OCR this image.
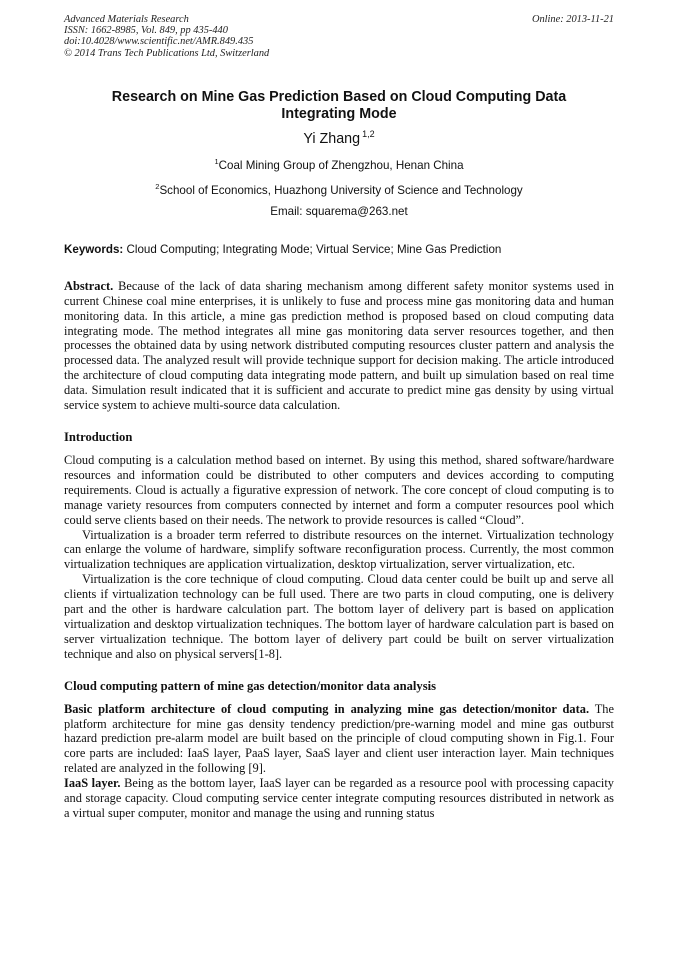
Advanced Materials Research
ISSN: 1662-8985, Vol. 849, pp 435-440
doi:10.4028/www.scientific.net/AMR.849.435
© 2014 Trans Tech Publications Ltd, Switzerland
Online: 2013-11-21
Research on Mine Gas Prediction Based on Cloud Computing Data Integrating Mode
Yi Zhang $^{1,2}$
$^1$Coal Mining Group of Zhengzhou, Henan China
$^2$School of Economics, Huazhong University of Science and Technology
Email: squarema@263.net
Keywords: Cloud Computing; Integrating Mode; Virtual Service; Mine Gas Prediction

Abstract. Because of the lack of data sharing mechanism among different safety monitor systems used in current Chinese coal mine enterprises, it is unlikely to fuse and process mine gas monitoring data and human monitoring data. In this article, a mine gas prediction method is proposed based on cloud computing data integrating mode. The method integrates all mine gas monitoring data server resources together, and then processes the obtained data by using network distributed computing resources cluster pattern and analysis the processed data. The analyzed result will provide technique support for decision making. The article introduced the architecture of cloud computing data integrating mode pattern, and built up simulation based on real time data. Simulation result indicated that it is sufficient and accurate to predict mine gas density by using virtual service system to achieve multi-source data calculation.

Introduction

Cloud computing is a calculation method based on internet. By using this method, shared software/hardware resources and information could be distributed to other computers and devices according to computing requirements. Cloud is actually a figurative expression of network. The core concept of cloud computing is to manage variety resources from computers connected by internet and form a computer resources pool which could serve clients based on their needs. The network to provide resources is called “Cloud”.

Virtualization is a broader term referred to distribute resources on the internet. Virtualization technology can enlarge the volume of hardware, simplify software reconfiguration process. Currently, the most common virtualization techniques are application virtualization, desktop virtualization, server virtualization, etc.

Virtualization is the core technique of cloud computing. Cloud data center could be built up and serve all clients if virtualization technology can be full used. There are two parts in cloud computing, one is delivery part and the other is hardware calculation part. The bottom layer of delivery part is based on application virtualization and desktop virtualization techniques. The bottom layer of hardware calculation part is based on server virtualization technique. The bottom layer of delivery part could be built on server virtualization technique and also on physical servers[1-8].

Cloud computing pattern of mine gas detection/monitor data analysis

Basic platform architecture of cloud computing in analyzing mine gas detection/monitor data. The platform architecture for mine gas density tendency prediction/pre-warning model and mine gas outburst hazard prediction pre-alarm model are built based on the principle of cloud computing shown in Fig.1. Four core parts are included: IaaS layer, PaaS layer, SaaS layer and client user interaction layer. Main techniques related are analyzed in the following [9].

IaaS layer. Being as the bottom layer, IaaS layer can be regarded as a resource pool with processing capacity and storage capacity. Cloud computing service center integrate computing resources distributed in network as a virtual super computer, monitor and manage the using and running status
